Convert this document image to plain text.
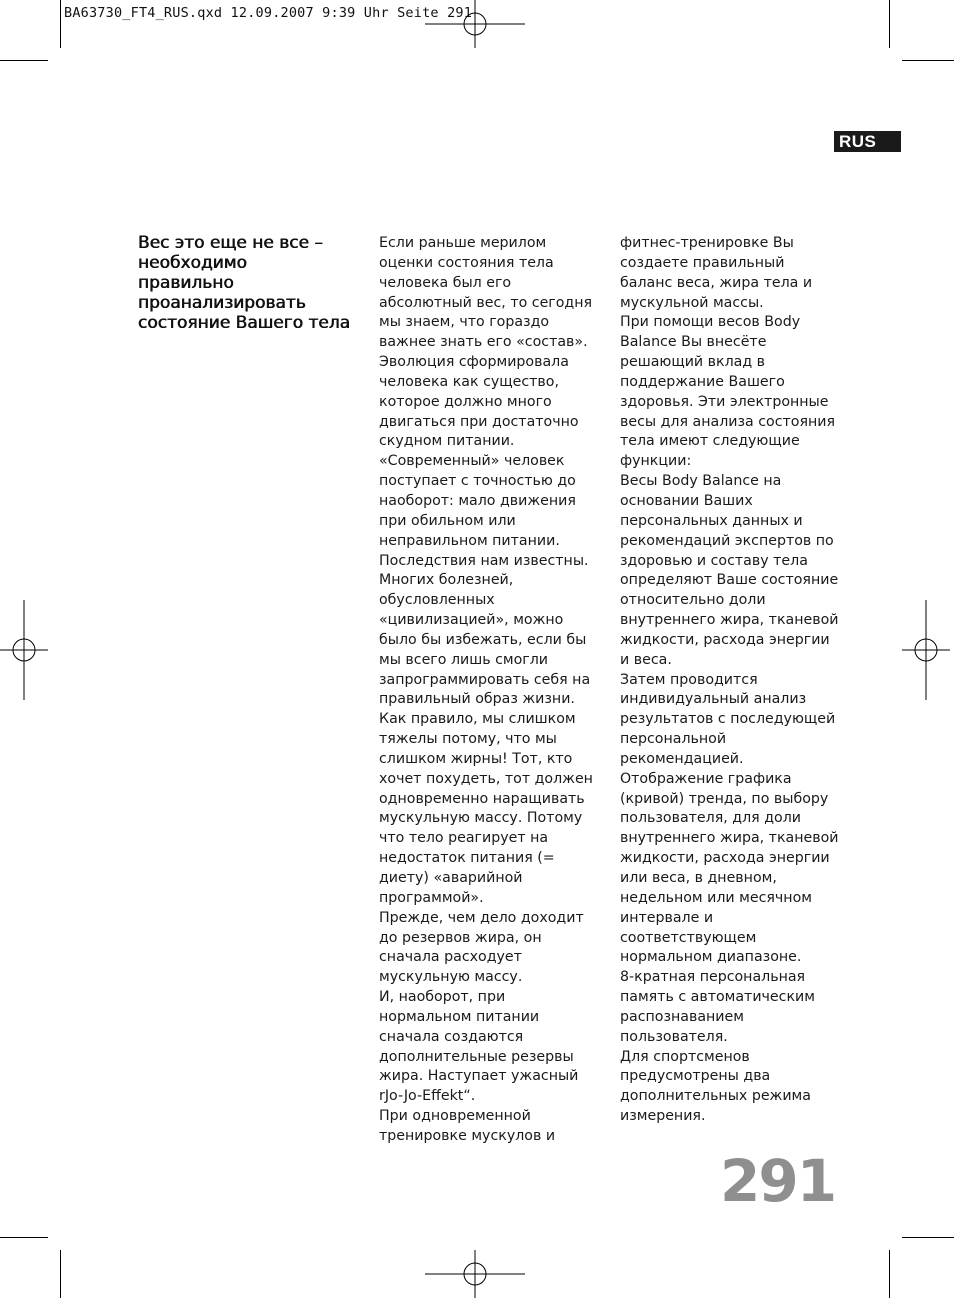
BA63730_FT4_RUS.qxd 12.09.2007 9:39 Uhr Seite 291
RUS
Вес это еще не все –
необходимо
правильно
проанализировать
состояние Вашего тела
Если раньше мерилом
оценки состояния тела
человека был его
абсолютный вес, то сегодня
мы знаем, что гораздо
важнее знать его «состав».
Эволюция сформировала
человека как существо,
которое должно много
двигаться при достаточно
скудном питании.
«Современный» человек
поступает с точностью до
наоборот: мало движения
при обильном или
неправильном питании.
Последствия нам известны.
Многих болезней,
обусловленных
«цивилизацией», можно
было бы избежать, если бы
мы всего лишь смогли
запрограммировать себя на
правильный образ жизни.
Как правило, мы слишком
тяжелы потому, что мы
слишком жирны! Тот, кто
хочет похудеть, тот должен
одновременно наращивать
мускульную массу. Потому
что тело реагирует на
недостаток питания (=
диету) «аварийной
программой».
Прежде, чем дело доходит
до резервов жира, он
сначала расходует
мускульную массу.
И, наоборот, при
нормальном питании
сначала создаются
дополнительные резервы
жира. Наступает ужасный
rJo-Jo-Effekt“.
При одновременной
тренировке мускулов и
фитнес-тренировке Вы
создаете правильный
баланс веса, жира тела и
мускульной массы.
При помощи весов Body
Balance Вы внесёте
решающий вклад в
поддержание Вашего
здоровья. Эти электронные
весы для анализа состояния
тела имеют следующие
функции:
Весы Body Balance на
основании Ваших
персональных данных и
рекомендаций экспертов по
здоровью и составу тела
определяют Ваше состояние
относительно доли
внутреннего жира, тканевой
жидкости, расхода энергии
и веса.
Затем проводится
индивидуальный анализ
результатов с последующей
персональной
рекомендацией.
Отображение графика
(кривой) тренда, по выбору
пользователя, для доли
внутреннего жира, тканевой
жидкости, расхода энергии
или веса, в дневном,
недельном или месячном
интервале и
соответствующем
нормальном диапазоне.
8-кратная персональная
память с автоматическим
распознаванием
пользователя.
Для спортсменов
предусмотрены два
дополнительных режима
измерения.
291
